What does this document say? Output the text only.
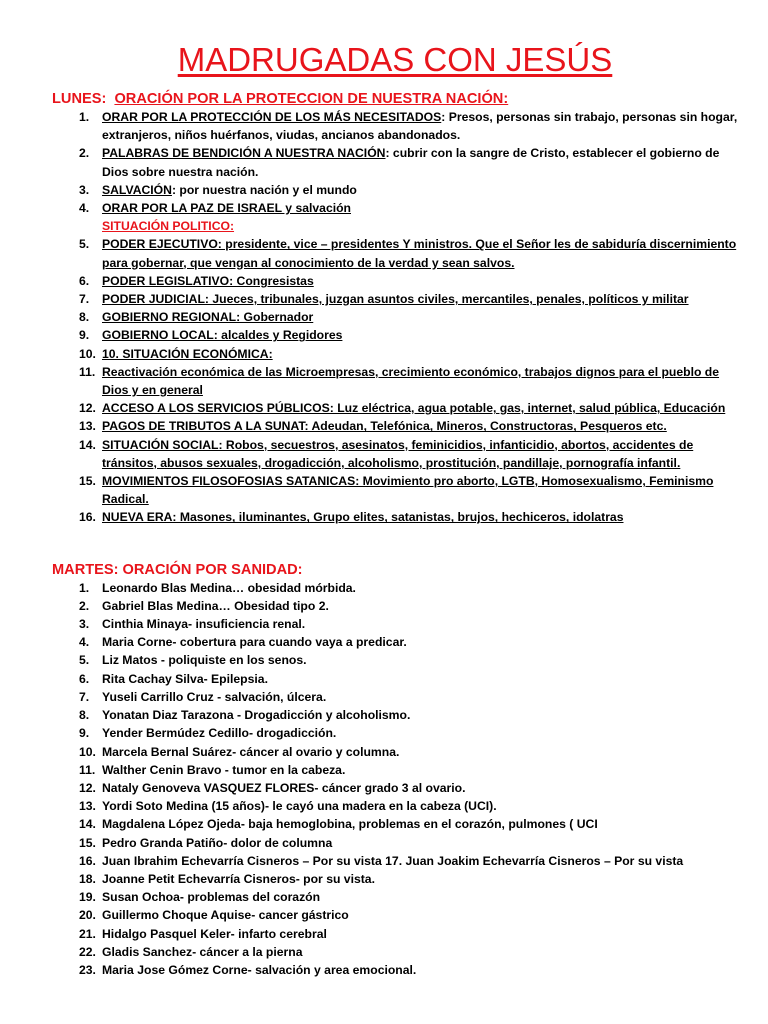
MADRUGADAS CON JESÚS

LUNES: ORACIÓN POR LA PROTECCION DE NUESTRA NACIÓN:

1.	ORAR POR LA PROTECCIÓN DE LOS MÁS NECESITADOS: Presos, personas sin trabajo, personas sin hogar, extranjeros, niños huérfanos, viudas, ancianos abandonados.
2.	PALABRAS DE BENDICIÓN A NUESTRA NACIÓN: cubrir con la sangre de Cristo, establecer el gobierno de Dios sobre nuestra nación.
3.	SALVACIÓN: por nuestra nación y el mundo
4.	ORAR POR LA PAZ DE ISRAEL y salvación
SITUACIÓN POLITICO:
5.	PODER EJECUTIVO: presidente, vice – presidentes Y ministros. Que el Señor les de sabiduría discernimiento para gobernar, que vengan al conocimiento de la verdad y sean salvos.
6.	PODER LEGISLATIVO: Congresistas
7.	PODER JUDICIAL: Jueces, tribunales, juzgan asuntos civiles, mercantiles, penales, políticos y militar
8.	GOBIERNO REGIONAL: Gobernador
9.	GOBIERNO LOCAL: alcaldes y Regidores
10. 10. SITUACIÓN ECONÓMICA:
11. Reactivación económica de las Microempresas, crecimiento económico, trabajos dignos para el pueblo de Dios y en general
12. ACCESO A LOS SERVICIOS PÚBLICOS: Luz eléctrica, agua potable, gas, internet, salud pública, Educación
13. PAGOS DE TRIBUTOS A LA SUNAT: Adeudan, Telefónica, Mineros, Constructoras, Pesqueros etc.
14. SITUACIÓN SOCIAL: Robos, secuestros, asesinatos, feminicidios, infanticidio, abortos, accidentes de tránsitos, abusos sexuales, drogadicción, alcoholismo, prostitución, pandillaje, pornografía infantil.
15. MOVIMIENTOS FILOSOFOSIAS SATANICAS: Movimiento pro aborto, LGTB, Homosexualismo, Feminismo Radical.
16. NUEVA ERA: Masones, iluminantes, Grupo elites, satanistas, brujos, hechiceros, idolatras

MARTES: ORACIÓN POR SANIDAD:

1.	Leonardo Blas Medina… obesidad mórbida.
2.	Gabriel Blas Medina… Obesidad tipo 2.
3.	Cinthia Minaya- insuficiencia renal.
4.	Maria Corne- cobertura para cuando vaya a predicar.
5.	Liz Matos - poliquiste en los senos.
6.	Rita Cachay Silva- Epilepsia.
7.	Yuseli Carrillo Cruz - salvación, úlcera.
8.	Yonatan Diaz Tarazona - Drogadicción y alcoholismo.
9.	Yender Bermúdez Cedillo- drogadicción.
10. Marcela Bernal Suárez- cáncer al ovario y columna.
11. Walther Cenin Bravo - tumor en la cabeza.
12. Nataly Genoveva VASQUEZ FLORES- cáncer grado 3 al ovario.
13. Yordi Soto Medina (15 años)- le cayó una madera en la cabeza (UCI).
14. Magdalena López Ojeda- baja hemoglobina, problemas en el corazón, pulmones ( UCI
15. Pedro Granda Patiño- dolor de columna
16. Juan Ibrahim Echevarría Cisneros – Por su vista 17. Juan Joakim Echevarría Cisneros – Por su vista
18. Joanne Petit Echevarría Cisneros- por su vista.
19. Susan Ochoa- problemas del corazón
20. Guillermo Choque Aquise- cancer gástrico
21. Hidalgo Pasquel Keler- infarto cerebral
22. Gladis Sanchez- cáncer a la pierna
23. Maria Jose Gómez Corne- salvación y area emocional.
